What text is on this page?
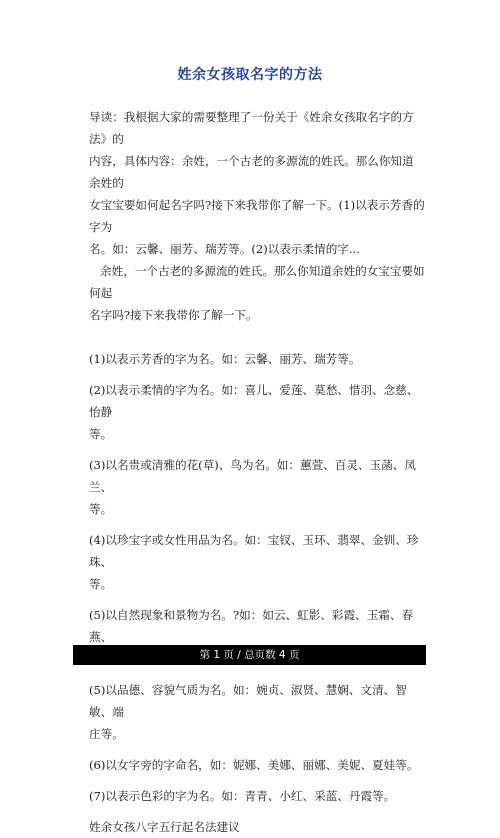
姓余女孩取名字的方法

导读：我根据大家的需要整理了一份关于《姓余女孩取名字的方法》的

内容，具体内容：余姓，一个古老的多源流的姓氏。那么你知道余姓的

女宝宝要如何起名字吗?接下来我带你了解一下。(1)以表示芳香的字为

名。如：云馨、丽芳、瑞芳等。(2)以表示柔情的字...

余姓，一个古老的多源流的姓氏。那么你知道余姓的女宝宝要如何起

名字吗?接下来我带你了解一下。

(1)以表示芳香的字为名。如：云馨、丽芳、瑞芳等。

(2)以表示柔情的字为名。如：喜儿、爱莲、莫愁、惜羽、念慈、怡静

等。

(3)以名贵或清雅的花(草)、鸟为名。如：蕙萱、百灵、玉菡、凤兰、

等。

(4)以珍宝字或女性用品为名。如：宝钗、玉环、翡翠、金钏、珍珠、

等。

(5)以自然现象和景物为名。?如：如云、虹影、彩霞、玉霜、春燕、

(5)以品德、容貌气质为名。如：婉贞、淑贤、慧娴、文清、智敏、端

庄等。

(6)以女字旁的字命名，如：妮娜、美娜、丽娜、美妮、夏娃等。

(7)以表示色彩的字为名。如：青青、小红、采蓝、丹霞等。

姓余女孩八字五行起名法建议

第 1 页 / 总页数 4 页
